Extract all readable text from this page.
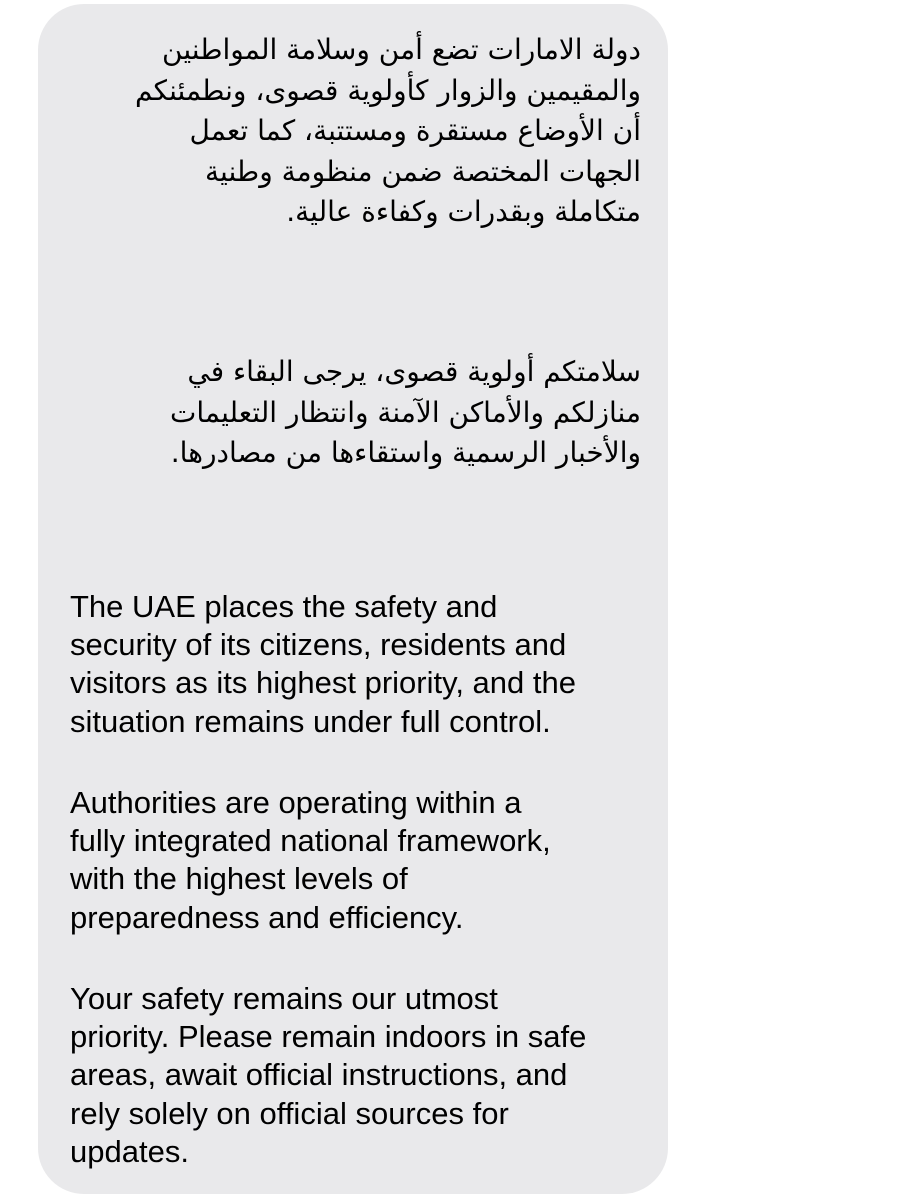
دولة الامارات تضع أمن وسلامة المواطنين
والمقيمين والزوار كأولوية قصوى، ونطمئنكم
أن الأوضاع مستقرة ومستتبة، كما تعمل
الجهات المختصة ضمن منظومة وطنية
متكاملة وبقدرات وكفاءة عالية.

سلامتكم أولوية قصوى، يرجى البقاء في
منازلكم والأماكن الآمنة وانتظار التعليمات
والأخبار الرسمية واستقاءها من مصادرها.

The UAE places the safety and
security of its citizens, residents and
visitors as its highest priority, and the
situation remains under full control.

Authorities are operating within a
fully integrated national framework,
with the highest levels of
preparedness and efficiency.

Your safety remains our utmost
priority. Please remain indoors in safe
areas, await official instructions, and
rely solely on official sources for
updates.
